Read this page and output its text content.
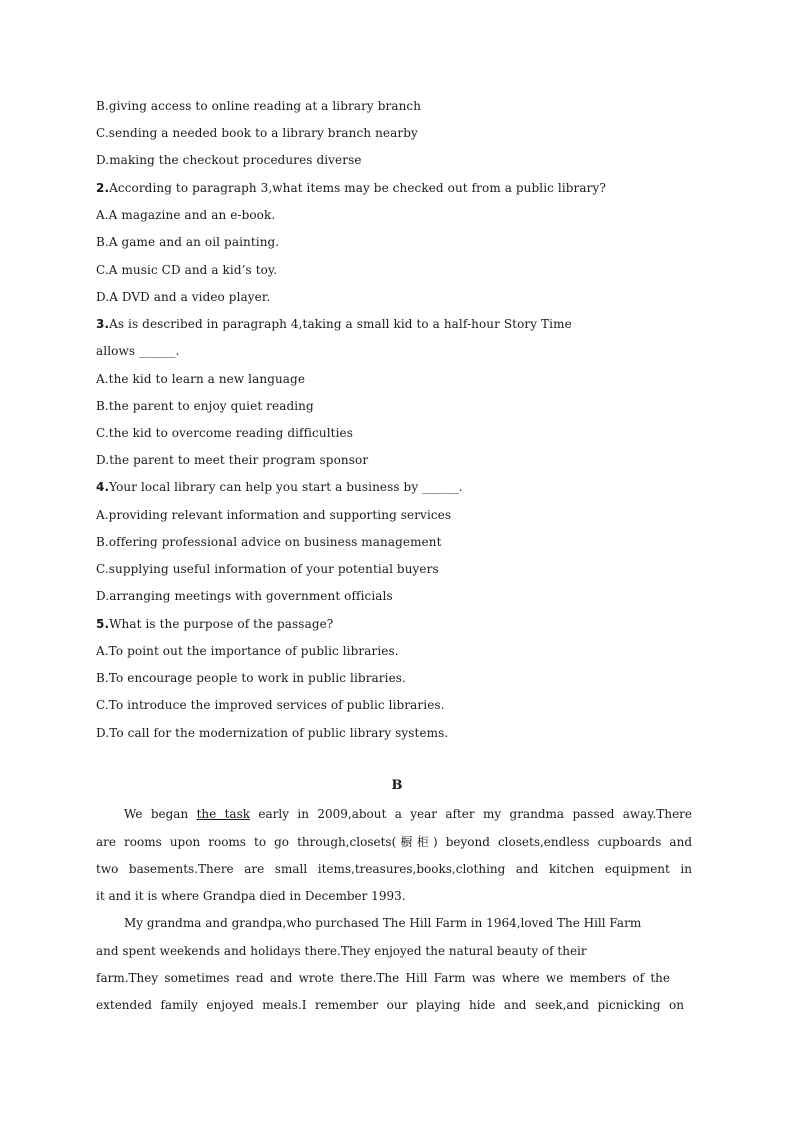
B.giving access to online reading at a library branch
C.sending a needed book to a library branch nearby
D.making the checkout procedures diverse
2.According to paragraph 3,what items may be checked out from a public library?
A.A magazine and an e-book.
B.A game and an oil painting.
C.A music CD and a kid’s toy.
D.A DVD and a video player.
3.As is described in paragraph 4,taking a small kid to a half-hour Story Time
allows ______.
A.the kid to learn a new language
B.the parent to enjoy quiet reading
C.the kid to overcome reading difficulties
D.the parent to meet their program sponsor
4.Your local library can help you start a business by ______.
A.providing relevant information and supporting services
B.offering professional advice on business management
C.supplying useful information of your potential buyers
D.arranging meetings with government officials
5.What is the purpose of the passage?
A.To point out the importance of public libraries.
B.To encourage people to work in public libraries.
C.To introduce the improved services of public libraries.
D.To call for the modernization of public library systems.
B
We began the task early in 2009,about a year after my grandma passed away.There
are rooms upon rooms to go through,closets(橱柜) beyond closets,endless cupboards and
two basements.There are small items,treasures,books,clothing and kitchen equipment in
it and it is where Grandpa died in December 1993.
My grandma and grandpa,who purchased The Hill Farm in 1964,loved The Hill Farm
and spent weekends and holidays there.They enjoyed the natural beauty of their
farm.They sometimes read and wrote there.The Hill Farm was where we members of the
extended family enjoyed meals.I remember our playing hide and seek,and picnicking on
